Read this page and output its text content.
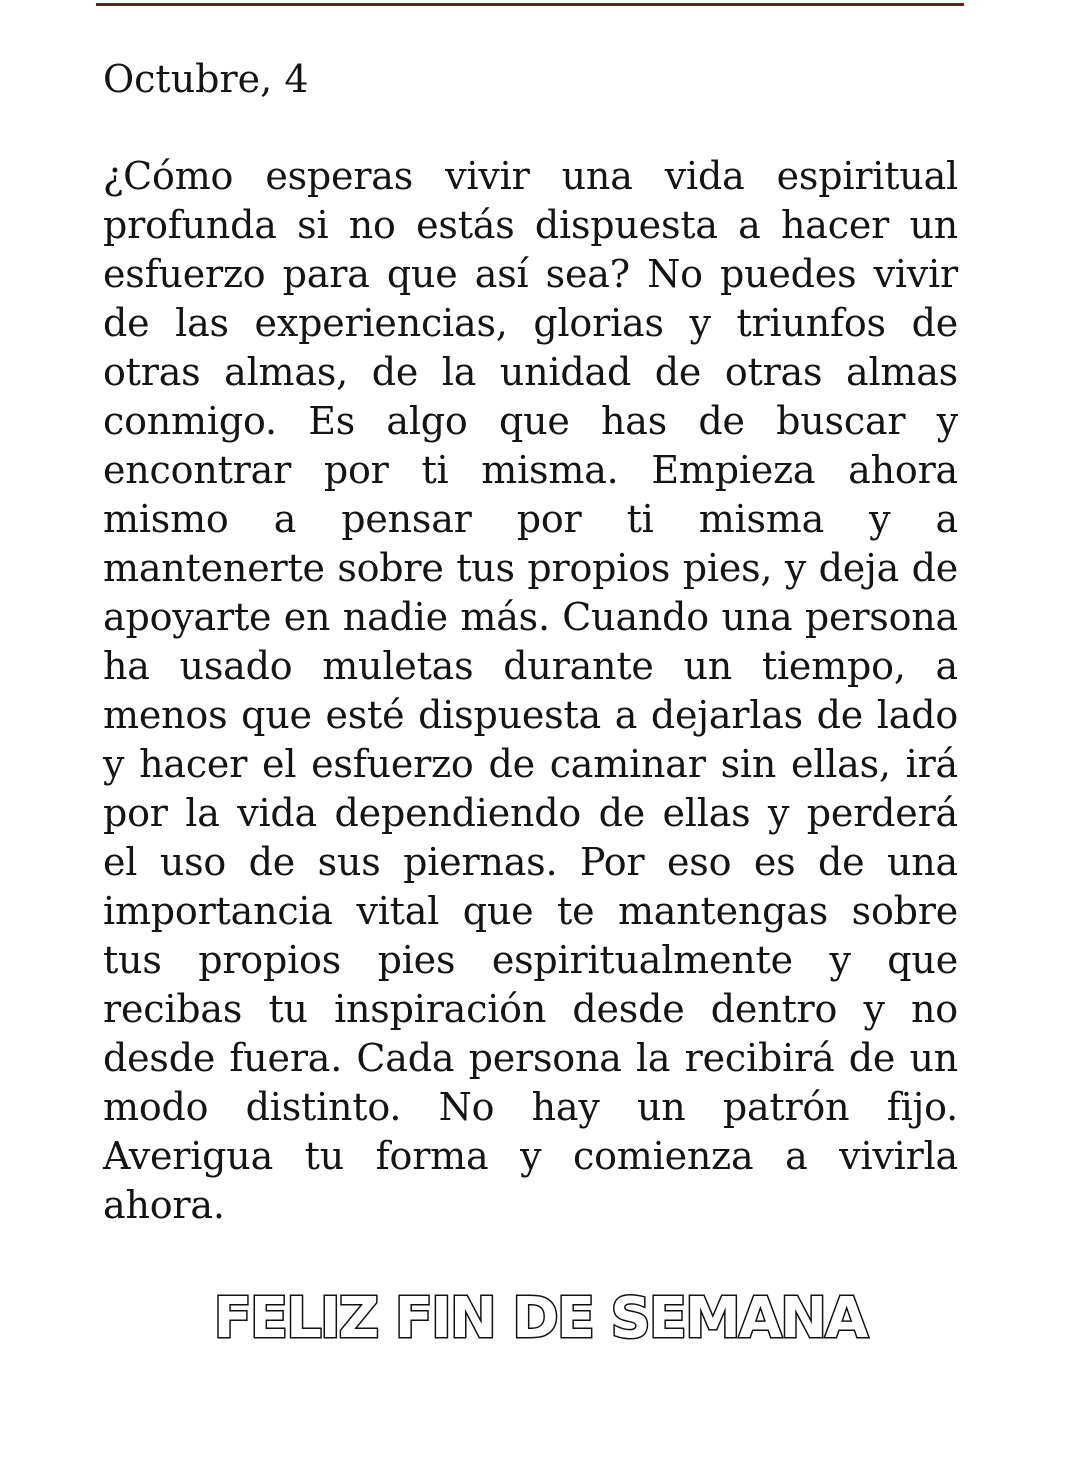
Octubre, 4

¿Cómo esperas vivir una vida espiritual profunda si no estás dispuesta a hacer un esfuerzo para que así sea? No puedes vivir de las experiencias, glorias y triunfos de otras almas, de la unidad de otras almas conmigo. Es algo que has de buscar y encontrar por ti misma. Empieza ahora mismo a pensar por ti misma y a mantenerte sobre tus propios pies, y deja de apoyarte en nadie más. Cuando una persona ha usado muletas durante un tiempo, a menos que esté dispuesta a dejarlas de lado y hacer el esfuerzo de caminar sin ellas, irá por la vida dependiendo de ellas y perderá el uso de sus piernas. Por eso es de una importancia vital que te mantengas sobre tus propios pies espiritualmente y que recibas tu inspiración desde dentro y no desde fuera. Cada persona la recibirá de un modo distinto. No hay un patrón fijo. Averigua tu forma y comienza a vivirla ahora.

FELIZ FIN DE SEMANA
